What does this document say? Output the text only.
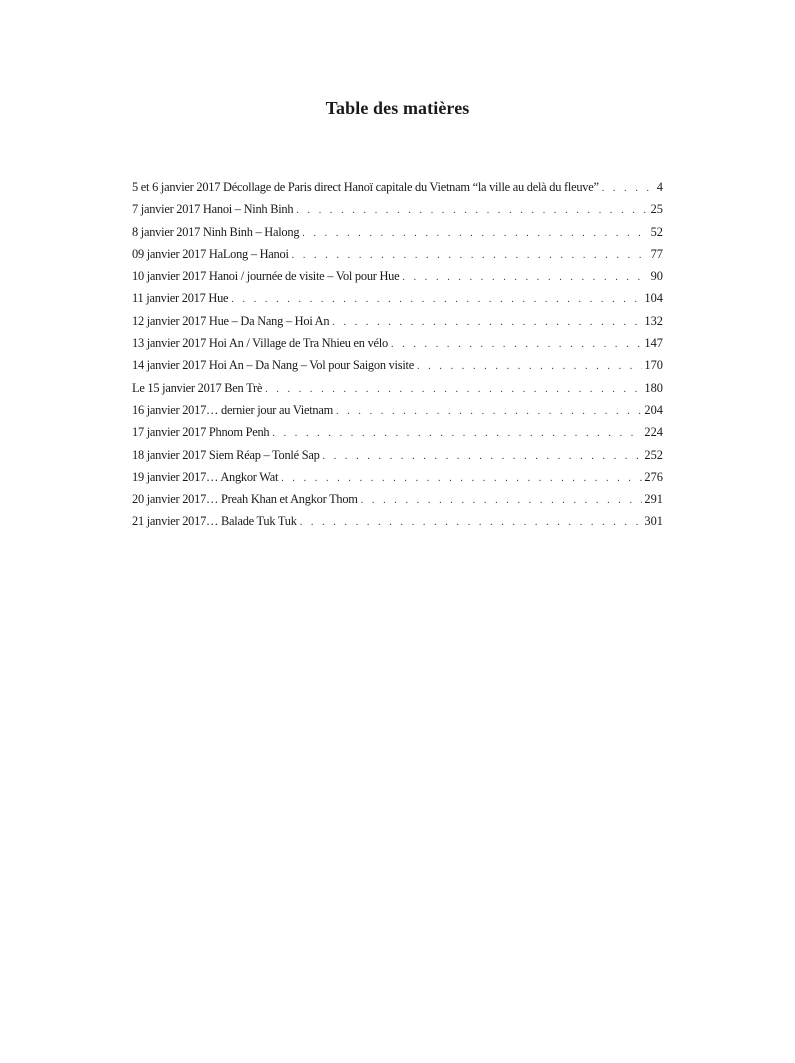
Table des matières
5 et 6 janvier 2017 Décollage de Paris direct Hanoï capitale du Vietnam “la ville au delà du fleuve” . . .	4
7 janvier 2017 Hanoi – Ninh Binh . . .	25
8 janvier 2017 Ninh Binh – Halong . . .	52
09 janvier 2017 HaLong – Hanoi . . .	77
10 janvier 2017 Hanoi / journée de visite – Vol pour Hue . . .	90
11 janvier 2017 Hue . . .	104
12 janvier 2017 Hue – Da Nang – Hoi An . . .	132
13 janvier 2017 Hoi An / Village de Tra Nhieu en vélo . . .	147
14 janvier 2017 Hoi An – Da Nang – Vol pour Saigon visite . . .	170
Le 15 janvier 2017 Ben Trè . . .	180
16 janvier 2017… dernier jour au Vietnam . . .	204
17 janvier 2017 Phnom Penh . . .	224
18 janvier 2017 Siem Réap – Tonlé Sap . . .	252
19 janvier 2017… Angkor Wat . . .	276
20 janvier 2017… Preah Khan et Angkor Thom . . .	291
21 janvier 2017… Balade Tuk Tuk . . .	301
